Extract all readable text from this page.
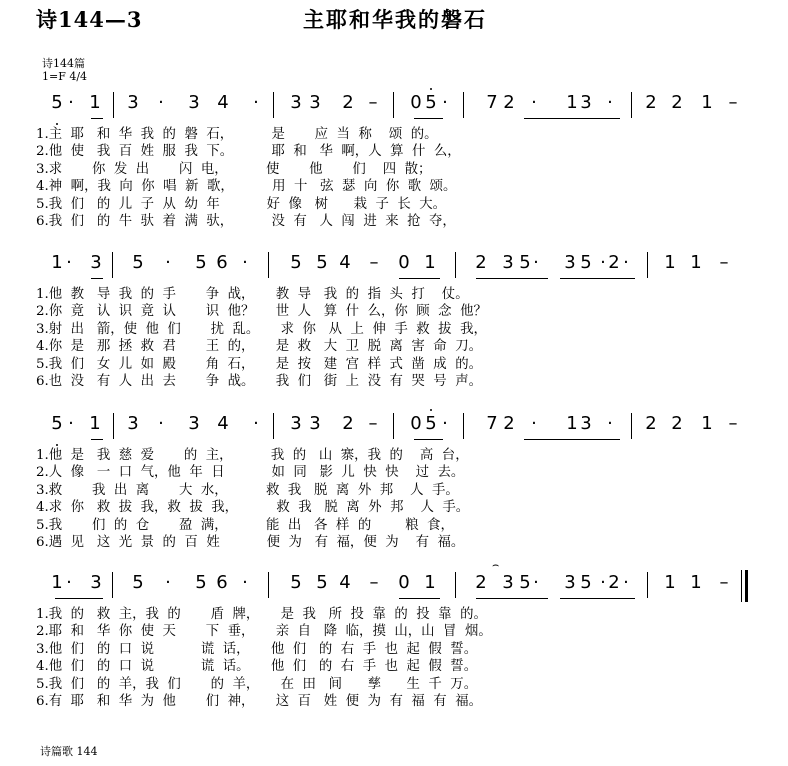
诗144—3	主耶和华我的磐石
诗144篇
1=F 4/4
5 · 1 3 · 3 4 · 3 3 2 – 0 5 · 7 2 · 1 3 · 2 2 1 –
1.主  耶   和  华  我  的  磐  石，         是       应  当  称    颂  的。
2.他  使   我  百  姓  服  我  下。         耶  和   华  啊，人  算  什  么，
3.求       你  发  出       闪  电，         使       他       们    四  散；
4.神  啊，我  向  你  唱  新  歌，         用  十   弦  瑟  向  你  歌  颂。
5.我  们   的  儿  子  从  幼  年           好  像   树      栽  子  长  大。
6.我  们   的  牛  驮  着  满  驮，         没  有   人  闯  进  来  抢  夺，
1 · 3 5 · 5 6 · 5 5 4 – 0 1 2 3 5 · 3 5 · 2 · 1 1 –
1.他  教   导  我  的  手       争  战，     教  导   我  的  指  头  打    仗。
2.你  竟   认  识  竟  认       识  他？     世  人   算  什  么，你  顾  念  他？
3.射  出   箭，使  他  们       扰  乱。     求  你   从  上  伸  手  救  拔  我，
4.你  是   那  拯  救  君       王  的，     是  救   大  卫  脱  离  害  命  刀。
5.我  们   女  儿  如  殿       角  石，     是  按   建  宫  样  式  凿  成  的。
6.也  没   有  人  出  去       争  战。     我  们   街  上  没  有  哭  号  声。
5 · 1 3 · 3 4 · 3 3 2 – 0 5 · 7 2 · 1 3 · 2 2 1 –
1.他  是   我  慈  爱       的  主，         我  的   山  寨，我  的    高  台，
2.人  像   一  口  气，他  年  日           如  同   影  儿  快  快    过  去。
3.救       我  出  离       大  水，         救  我   脱  离  外  邦    人  手。
4.求  你   救  拔  我，救  拔  我，         救  我   脱  离  外  邦    人  手。
5.我       们  的  仓       盈  满，         能  出   各  样  的        粮  食，
6.遇  见   这  光  景  的  百  姓           便  为   有  福，便  为    有  福。
1 · 3 5 · 5 6 · 5 5 4 – 0 1 2 3 5 · 3 5 · 2 · 1 1 –
⌢
1.我  的   救  主，我  的       盾  牌，     是  我   所  投  靠  的  投  靠  的。
2.耶  和   华  你  使  天       下  垂，     亲  自   降  临，摸  山，山  冒  烟。
3.他  们   的  口  说           谎  话，     他  们   的  右  手  也  起  假  誓。
4.他  们   的  口  说           谎  话。     他  们   的  右  手  也  起  假  誓。
5.我  们   的  羊，我  们       的  羊，     在  田   间      孳      生  千  万。
6.有  耶   和  华  为  他       们  神，     这  百   姓  便  为  有  福  有  福。
诗篇歌 144
